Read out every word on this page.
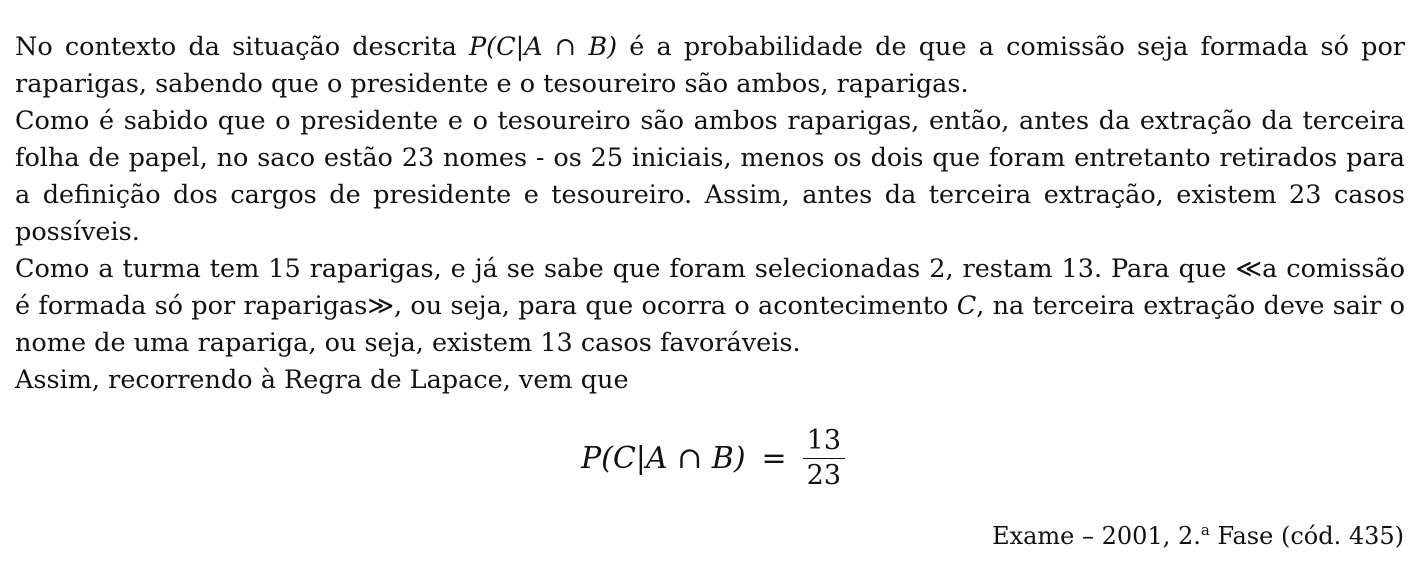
No contexto da situação descrita P(C|A ∩ B) é a probabilidade de que a comissão seja formada só por raparigas, sabendo que o presidente e o tesoureiro são ambos, raparigas.

Como é sabido que o presidente e o tesoureiro são ambos raparigas, então, antes da extração da terceira folha de papel, no saco estão 23 nomes - os 25 iniciais, menos os dois que foram entretanto retirados para a definição dos cargos de presidente e tesoureiro. Assim, antes da terceira extração, existem 23 casos possíveis.

Como a turma tem 15 raparigas, e já se sabe que foram selecionadas 2, restam 13. Para que ≪a comissão é formada só por raparigas≫, ou seja, para que ocorra o acontecimento C, na terceira extração deve sair o nome de uma rapariga, ou seja, existem 13 casos favoráveis.

Assim, recorrendo à Regra de Lapace, vem que

P(C|A ∩ $B) = \frac{13}{23}$
Exame – 2001, 2.$^a$ Fase (cód. 435)
